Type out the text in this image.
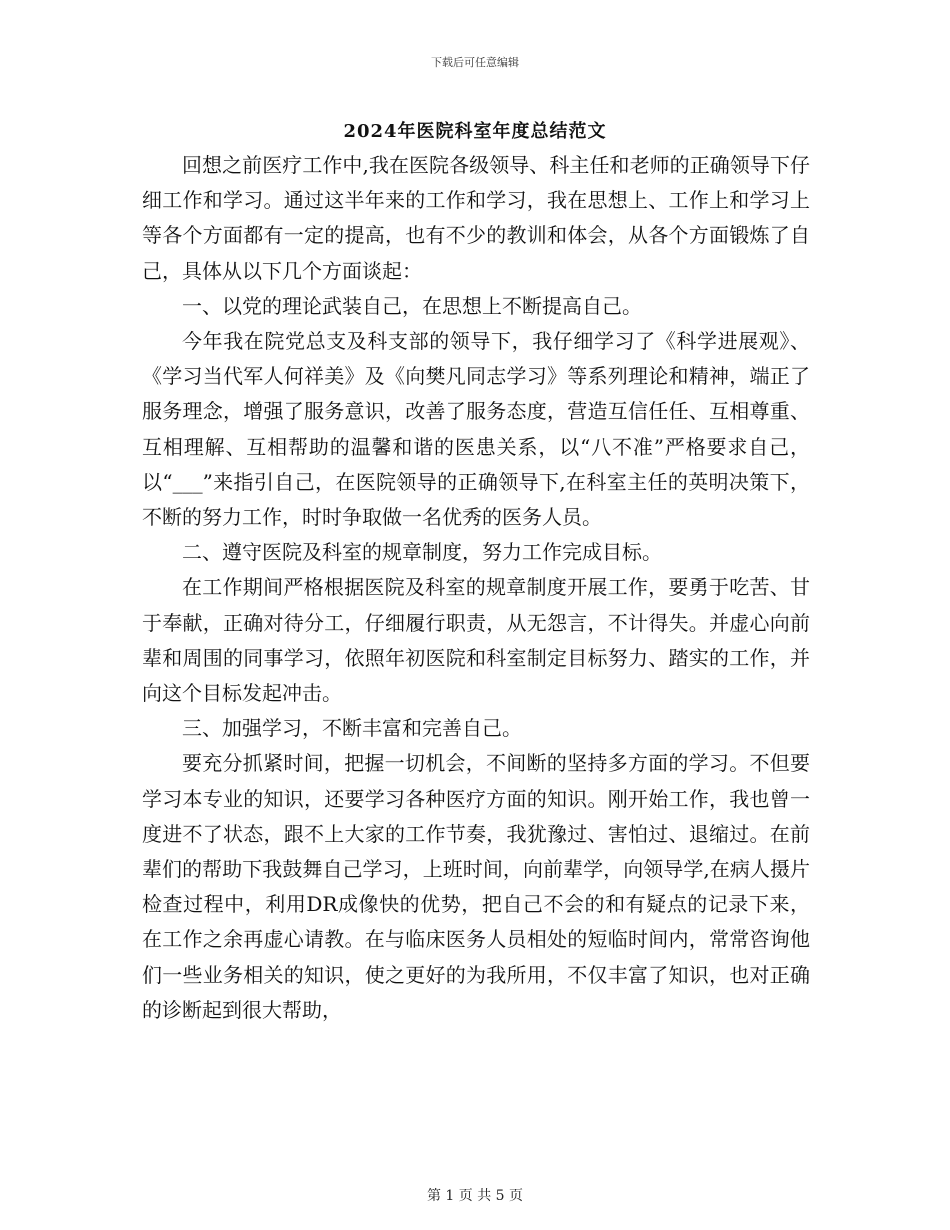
下载后可任意编辑
2024年医院科室年度总结范文

回想之前医疗工作中,我在医院各级领导、科主任和老师的正确领导下仔细工作和学习。通过这半年来的工作和学习，我在思想上、工作上和学习上等各个方面都有一定的提高，也有不少的教训和体会，从各个方面锻炼了自己，具体从以下几个方面谈起：

一、以党的理论武装自己，在思想上不断提高自己。

今年我在院党总支及科支部的领导下，我仔细学习了《科学进展观》、《学习当代军人何祥美》及《向樊凡同志学习》等系列理论和精神，端正了服务理念，增强了服务意识，改善了服务态度，营造互信任任、互相尊重、互相理解、互相帮助的温馨和谐的医患关系，以“八不准”严格要求自己，以“___”来指引自己，在医院领导的正确领导下,在科室主任的英明决策下，不断的努力工作，时时争取做一名优秀的医务人员。

二、遵守医院及科室的规章制度，努力工作完成目标。

在工作期间严格根据医院及科室的规章制度开展工作，要勇于吃苦、甘于奉献，正确对待分工，仔细履行职责，从无怨言，不计得失。并虚心向前辈和周围的同事学习，依照年初医院和科室制定目标努力、踏实的工作，并向这个目标发起冲击。

三、加强学习，不断丰富和完善自己。

要充分抓紧时间，把握一切机会，不间断的坚持多方面的学习。不但要学习本专业的知识，还要学习各种医疗方面的知识。刚开始工作，我也曾一度进不了状态，跟不上大家的工作节奏，我犹豫过、害怕过、退缩过。在前辈们的帮助下我鼓舞自己学习，上班时间，向前辈学，向领导学,在病人摄片检查过程中，利用DR成像快的优势，把自己不会的和有疑点的记录下来，在工作之余再虚心请教。在与临床医务人员相处的短临时间内，常常咨询他们一些业务相关的知识，使之更好的为我所用，不仅丰富了知识，也对正确的诊断起到很大帮助，

第 1 页 共 5 页
